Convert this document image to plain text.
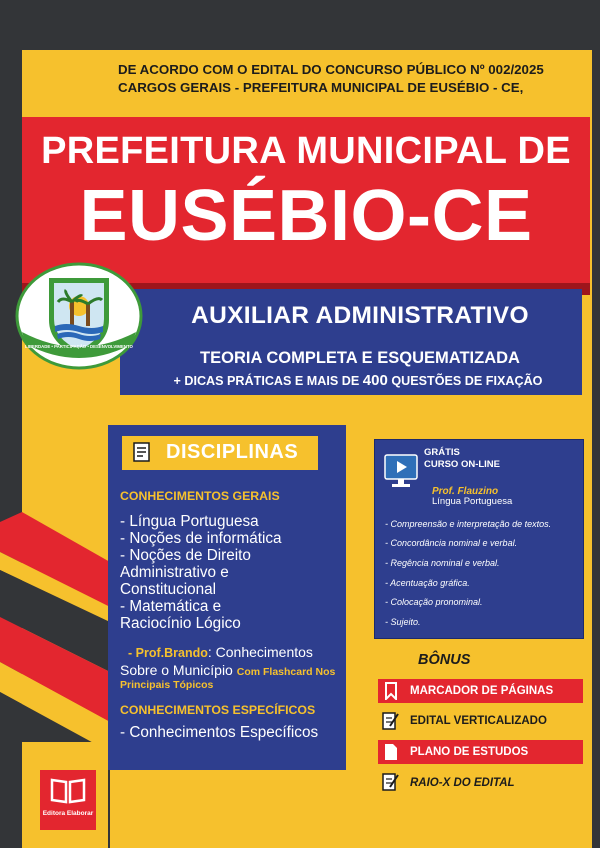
DE ACORDO COM O EDITAL DO CONCURSO PÚBLICO Nº 002/2025
CARGOS GERAIS - PREFEITURA MUNICIPAL DE EUSÉBIO - CE,
PREFEITURA MUNICIPAL DE
EUSÉBIO-CE
AUXILIAR ADMINISTRATIVO
TEORIA COMPLETA E ESQUEMATIZADA
+ DICAS PRÁTICAS E MAIS DE 400 QUESTÕES DE FIXAÇÃO
LIBERDADE • PARTICIPAÇÃO • DESENVOLVIMENTO
DISCIPLINAS
CONHECIMENTOS GERAIS
- Língua Portuguesa
- Noções de informática
- Noções de Direito
Administrativo e
Constitucional
- Matemática e
Raciocínio Lógico
- Prof.Brando: Conhecimentos
Sobre o Município Com Flashcard Nos
Principais Tópicos
CONHECIMENTOS ESPECÍFICOS
- Conhecimentos Específicos
GRÁTIS
CURSO ON-LINE
Prof. Flauzino
Língua Portuguesa
- Compreensão e interpretação de textos.
- Concordância nominal e verbal.
- Regência nominal e verbal.
- Acentuação gráfica.
- Colocação pronominal.
- Sujeito.
BÔNUS
MARCADOR DE PÁGINAS
EDITAL VERTICALIZADO
PLANO DE ESTUDOS
RAIO-X DO EDITAL
Editora Elaborar
